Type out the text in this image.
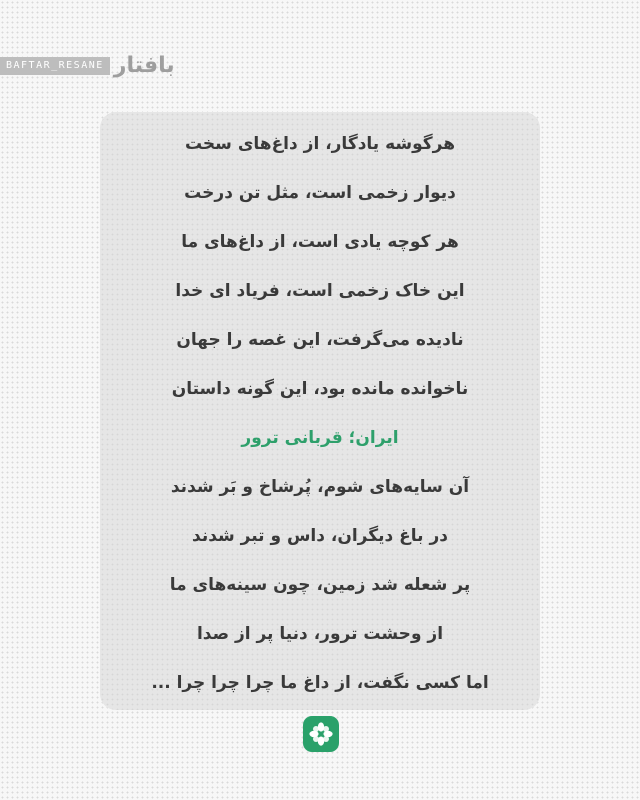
BAFTAR_RESANE بافتار
هرگوشه یادگار، از داغ‌های سخت
دیوار زخمی است، مثل تن درخت
هر کوچه یادی است، از داغ‌های ما
این خاک زخمی است، فریاد ای خدا
نادیده می‌گرفت، این غصه را جهان
ناخوانده مانده بود، این گونه داستان
ایران؛ قربانی ترور
آن سایه‌های شوم، پُرشاخ و بَر شدند
در باغ دیگران، داس و تبر شدند
پر شعله شد زمین، چون سینه‌های ما
از وحشت ترور، دنیا پر از صدا
اما کسی نگفت، از داغ ما چرا چرا چرا ...
